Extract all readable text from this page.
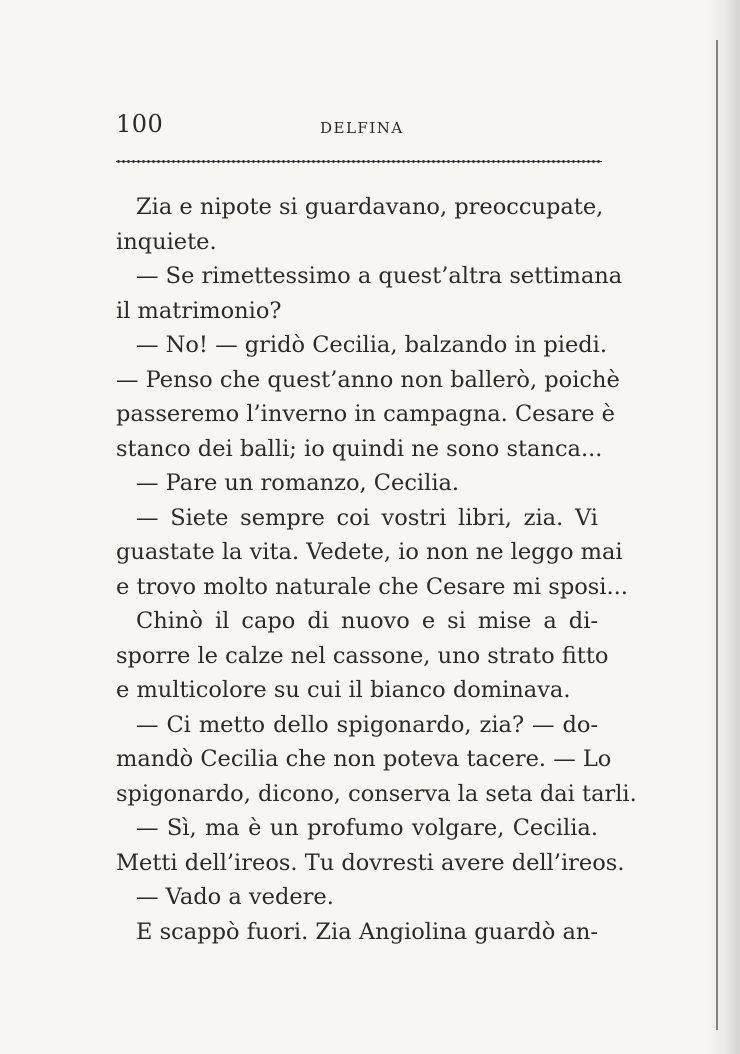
100	DELFINA
Zia e nipote si guardavano, preoccupate,
inquiete.
— Se rimettessimo a quest’altra settimana
il matrimonio?
— No! — gridò Cecilia, balzando in piedi.
— Penso che quest’anno non ballerò, poichè
passeremo l’inverno in campagna. Cesare è
stanco dei balli; io quindi ne sono stanca...
— Pare un romanzo, Cecilia.
— Siete sempre coi vostri libri, zia. Vi
guastate la vita. Vedete, io non ne leggo mai
e trovo molto naturale che Cesare mi sposi...
Chinò il capo di nuovo e si mise a di-
sporre le calze nel cassone, uno strato fitto
e multicolore su cui il bianco dominava.
— Ci metto dello spigonardo, zia? — do-
mandò Cecilia che non poteva tacere. — Lo
spigonardo, dicono, conserva la seta dai tarli.
— Sì, ma è un profumo volgare, Cecilia.
Metti dell’ireos. Tu dovresti avere dell’ireos.
— Vado a vedere.
E scappò fuori. Zia Angiolina guardò an-
